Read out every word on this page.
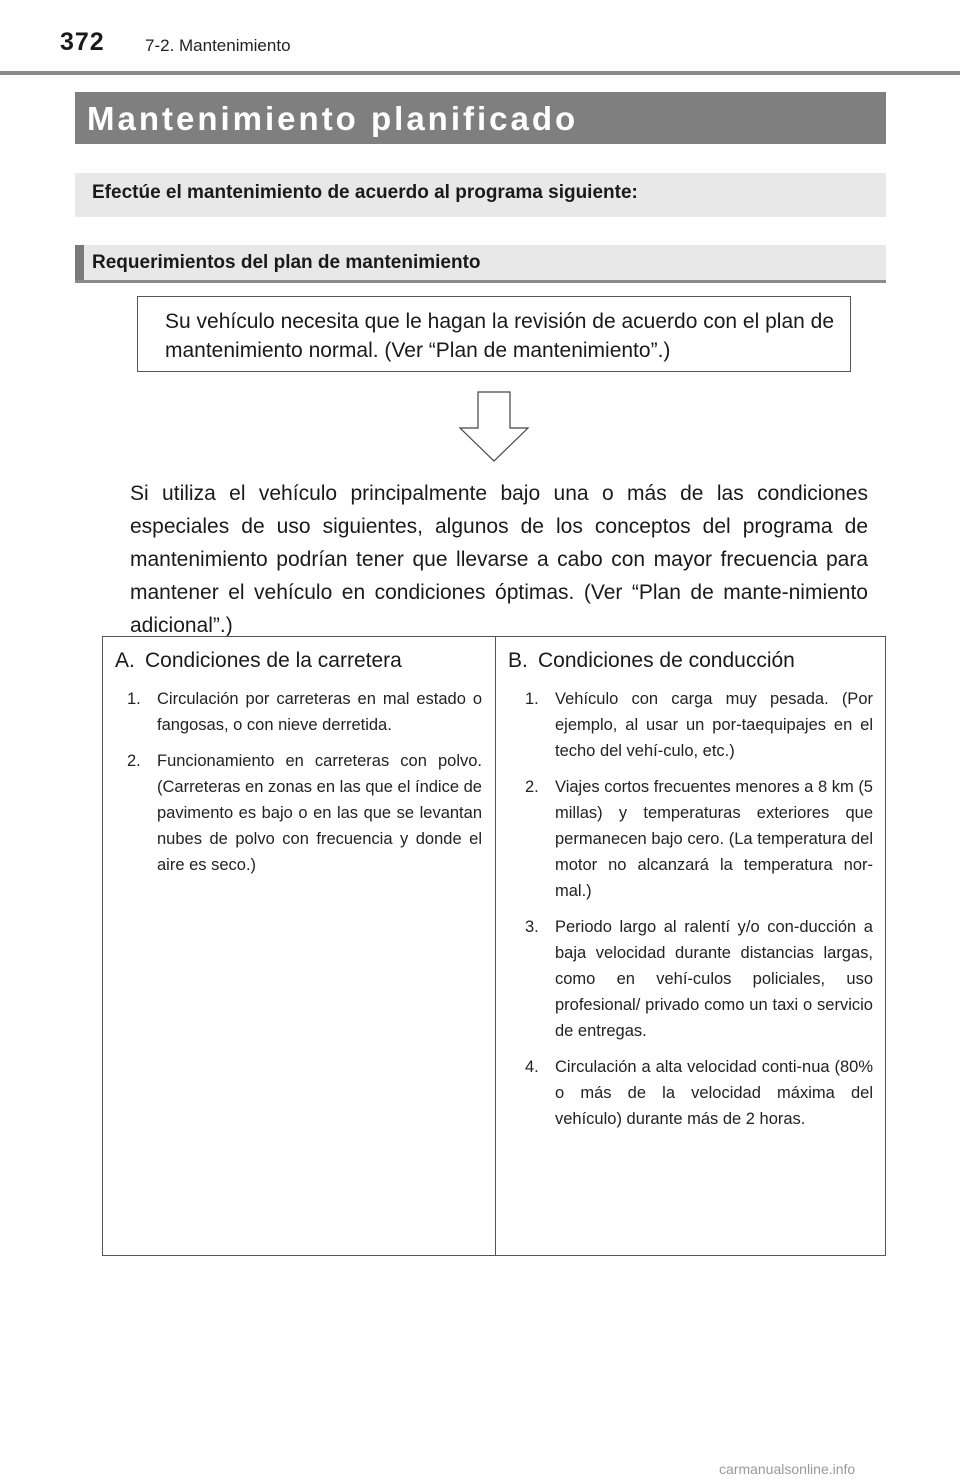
372 7-2. Mantenimiento
Mantenimiento planificado
Efectúe el mantenimiento de acuerdo al programa siguiente:
Requerimientos del plan de mantenimiento

Su vehículo necesita que le hagan la revisión de acuerdo con el plan de mantenimiento normal. (Ver “Plan de mantenimiento”.)

Si utiliza el vehículo principalmente bajo una o más de las condiciones especiales de uso siguientes, algunos de los conceptos del programa de mantenimiento podrían tener que llevarse a cabo con mayor frecuencia para mantener el vehículo en condiciones óptimas. (Ver “Plan de mante-nimiento adicional”.)

A. Condiciones de la carretera
1. Circulación por carreteras en mal estado o fangosas, o con nieve derretida.
2. Funcionamiento en carreteras con polvo. (Carreteras en zonas en las que el índice de pavimento es bajo o en las que se levantan nubes de polvo con frecuencia y donde el aire es seco.)
B. Condiciones de conducción
1. Vehículo con carga muy pesada. (Por ejemplo, al usar un por-taequipajes en el techo del vehí-culo, etc.)
2. Viajes cortos frecuentes menores a 8 km (5 millas) y temperaturas exteriores que permanecen bajo cero. (La temperatura del motor no alcanzará la temperatura nor-mal.)
3. Periodo largo al ralentí y/o con-ducción a baja velocidad durante distancias largas, como en vehí-culos policiales, uso profesional/ privado como un taxi o servicio de entregas.
4. Circulación a alta velocidad conti-nua (80% o más de la velocidad máxima del vehículo) durante más de 2 horas.
carmanualsonline.info
